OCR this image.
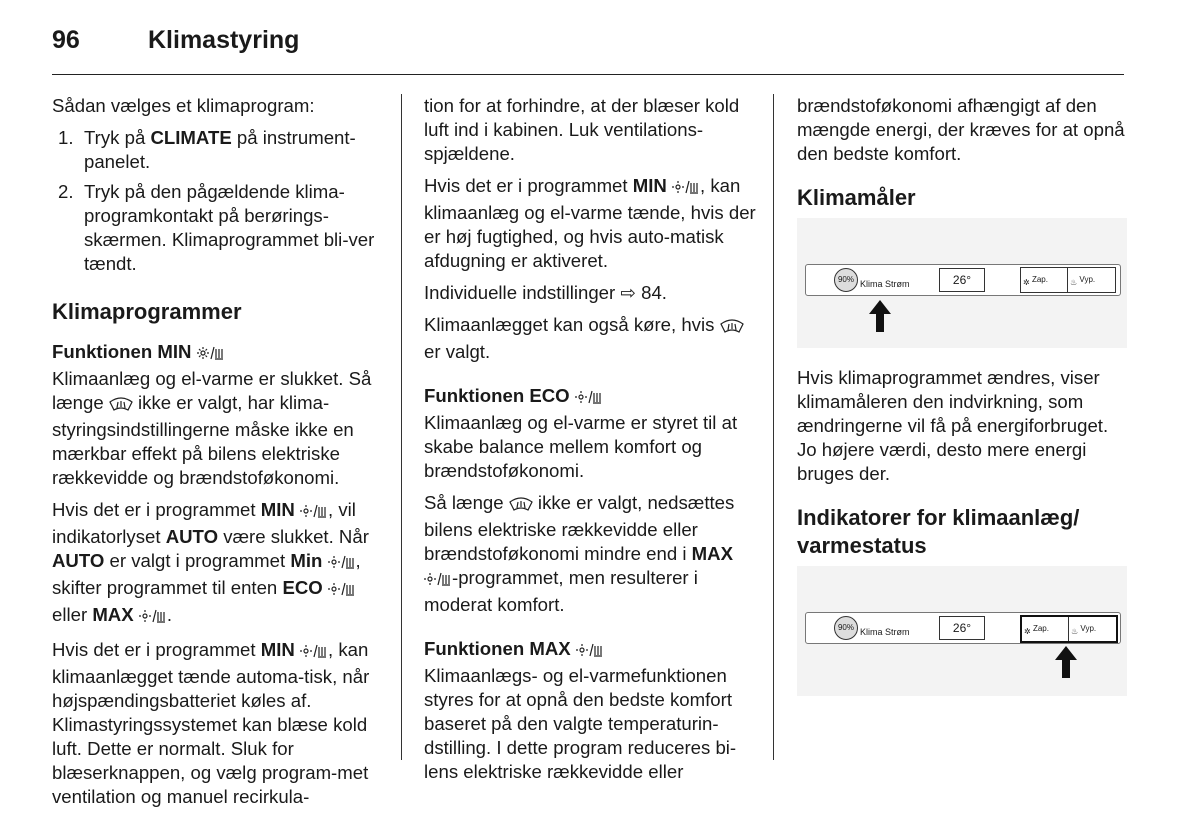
96	Klimastyring

Sådan vælges et klimaprogram:

1. Tryk på CLIMATE på instrument-panelet.
2. Tryk på den pågældende klima-programkontakt på berørings-skærmen. Klimaprogrammet bli-ver tændt.
Klimaprogrammer
Funktionen MIN

Klimaanlæg og el-varme er slukket. Så længe  ikke er valgt, har klima-styringsindstillingerne måske ikke en mærkbar effekt på bilens elektriske rækkevidde og brændstoføkonomi.

Hvis det er i programmet MIN , vil indikatorlyset AUTO være slukket. Når AUTO er valgt i programmet Min , skifter programmet til enten ECO  eller MAX .

Hvis det er i programmet MIN , kan klimaanlægget tænde automa-tisk, når højspændingsbatteriet køles af. Klimastyringssystemet kan blæse kold luft. Dette er normalt. Sluk for blæserknappen, og vælg program-met ventilation og manuel recirkula-

tion for at forhindre, at der blæser kold luft ind i kabinen. Luk ventilations-spjældene.

Hvis det er i programmet MIN , kan klimaanlæg og el-varme tænde, hvis der er høj fugtighed, og hvis auto-matisk afdugning er aktiveret.

Individuelle indstillinger ⇨ 84.

Klimaanlægget kan også køre, hvis  er valgt.

Funktionen ECO

Klimaanlæg og el-varme er styret til at skabe balance mellem komfort og brændstoføkonomi.

Så længe  ikke er valgt, nedsættes bilens elektriske rækkevidde eller brændstoføkonomi mindre end i MAX -programmet, men resulterer i moderat komfort.

Funktionen MAX

Klimaanlægs- og el-varmefunktionen styres for at opnå den bedste komfort baseret på den valgte temperaturin-dstilling. I dette program reduceres bi-lens elektriske rækkevidde eller

brændstoføkonomi afhængigt af den mængde energi, der kræves for at opnå den bedste komfort.

Klimamåler
90% Klima Strøm	26°	✲ Zap.	♨ Vyp.

Hvis klimaprogrammet ændres, viser klimamåleren den indvirkning, som ændringerne vil få på energiforbruget. Jo højere værdi, desto mere energi bruges der.

Indikatorer for klimaanlæg/ varmestatus
90% Klima Strøm	26°	✲ Zap.	♨ Vyp.
